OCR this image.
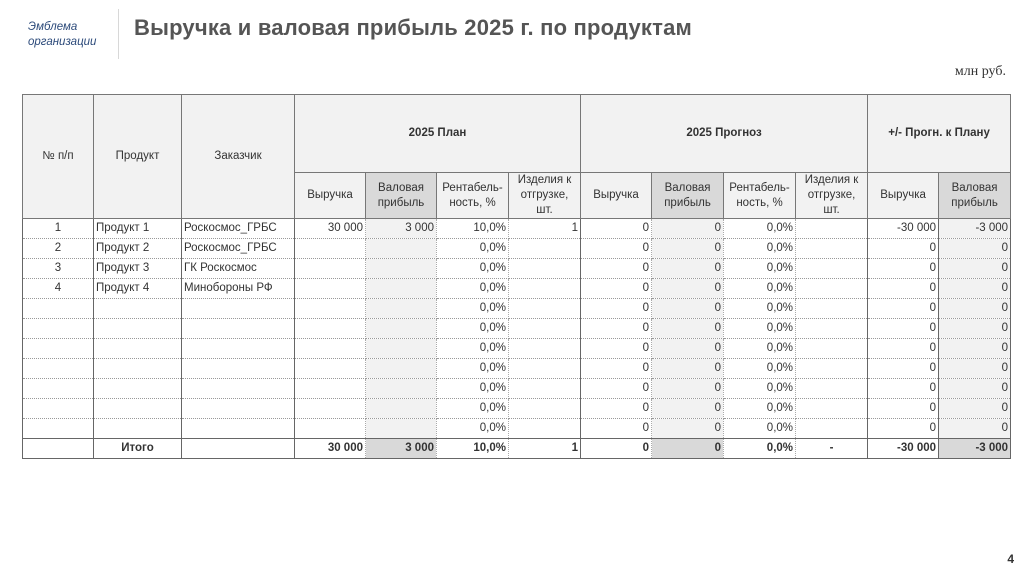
Эмблема
организации
Выручка и валовая прибыль 2025 г. по продуктам
млн руб.
№ п/п	Продукт	Заказчик	2025 План				2025 Прогноз				+/- Прогн. к Плану	
			Выручка	Валовая прибыль	Рентабель-ность, %	Изделия к отгрузке, шт.	Выручка	Валовая прибыль	Рентабель-ность, %	Изделия к отгрузке, шт.	Выручка	Валовая прибыль
1	Продукт 1	Роскосмос_ГРБС	30 000	3 000	10,0%	1	0	0	0,0%		-30 000	-3 000
2	Продукт 2	Роскосмос_ГРБС			0,0%		0	0	0,0%		0	0
3	Продукт 3	ГК Роскосмос			0,0%		0	0	0,0%		0	0
4	Продукт 4	Минобороны РФ			0,0%		0	0	0,0%		0	0
					0,0%		0	0	0,0%		0	0
					0,0%		0	0	0,0%		0	0
					0,0%		0	0	0,0%		0	0
					0,0%		0	0	0,0%		0	0
					0,0%		0	0	0,0%		0	0
					0,0%		0	0	0,0%		0	0
					0,0%		0	0	0,0%		0	0
	Итого		30 000	3 000	10,0%	1	0	0	0,0%	-	-30 000	-3 000
4
